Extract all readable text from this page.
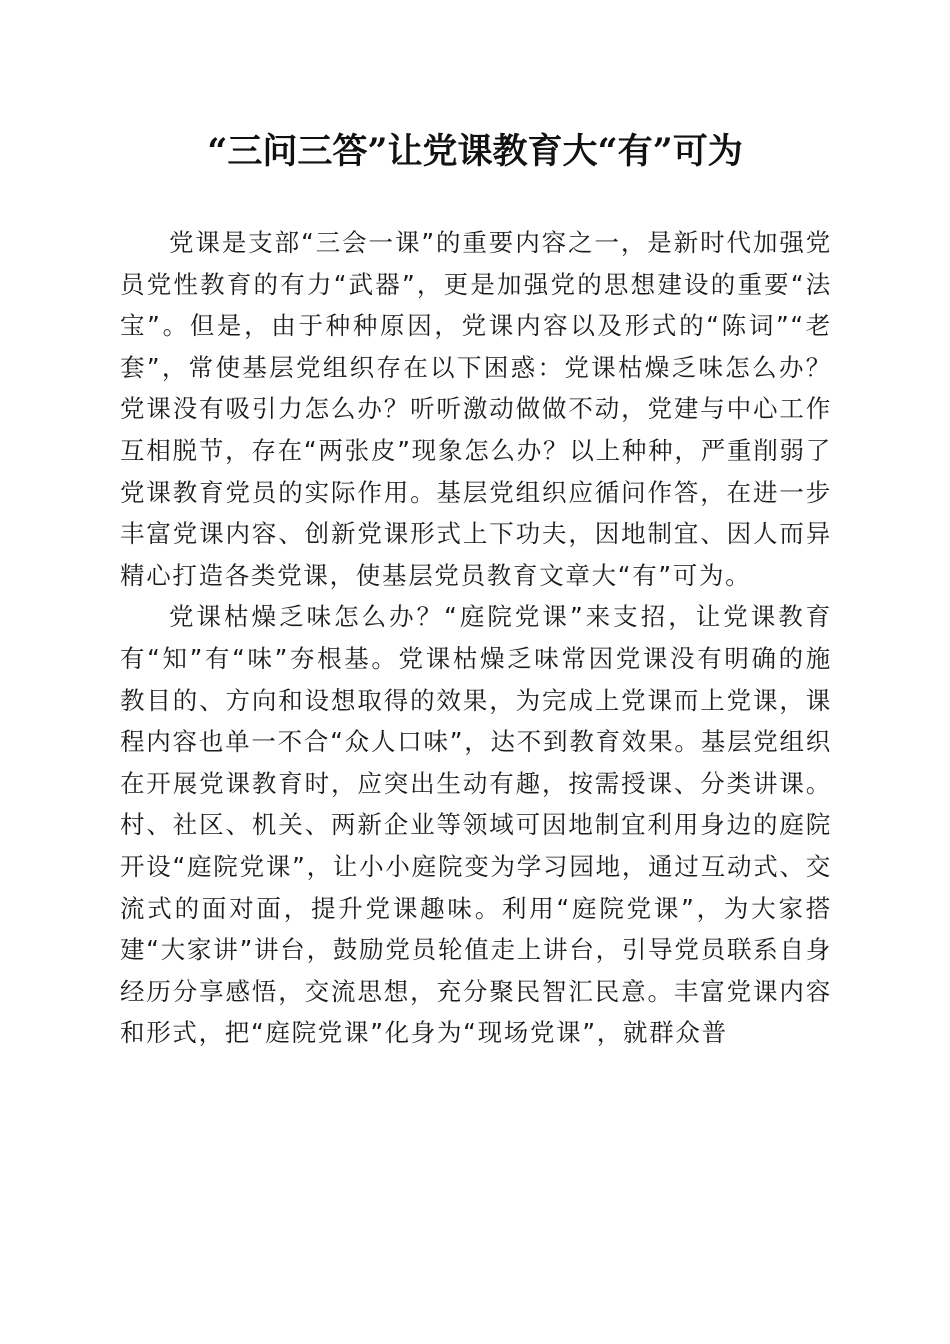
“三问三答”让党课教育大“有”可为

党课是支部“三会一课”的重要内容之一，是新时代加强党员党性教育的有力“武器”，更是加强党的思想建设的重要“法宝”。但是，由于种种原因，党课内容以及形式的“陈词”“老套”，常使基层党组织存在以下困惑：党课枯燥乏味怎么办？党课没有吸引力怎么办？听听激动做做不动，党建与中心工作互相脱节，存在“两张皮”现象怎么办？以上种种，严重削弱了党课教育党员的实际作用。基层党组织应循问作答，在进一步丰富党课内容、创新党课形式上下功夫，因地制宜、因人而异精心打造各类党课，使基层党员教育文章大“有”可为。

党课枯燥乏味怎么办？“庭院党课”来支招，让党课教育有“知”有“味”夯根基。党课枯燥乏味常因党课没有明确的施教目的、方向和设想取得的效果，为完成上党课而上党课，课程内容也单一不合“众人口味”，达不到教育效果。基层党组织在开展党课教育时，应突出生动有趣，按需授课、分类讲课。村、社区、机关、两新企业等领域可因地制宜利用身边的庭院开设“庭院党课”，让小小庭院变为学习园地，通过互动式、交流式的面对面，提升党课趣味。利用“庭院党课”，为大家搭建“大家讲”讲台，鼓励党员轮值走上讲台，引导党员联系自身经历分享感悟，交流思想，充分聚民智汇民意。丰富党课内容和形式，把“庭院党课”化身为“现场党课”，就群众普
